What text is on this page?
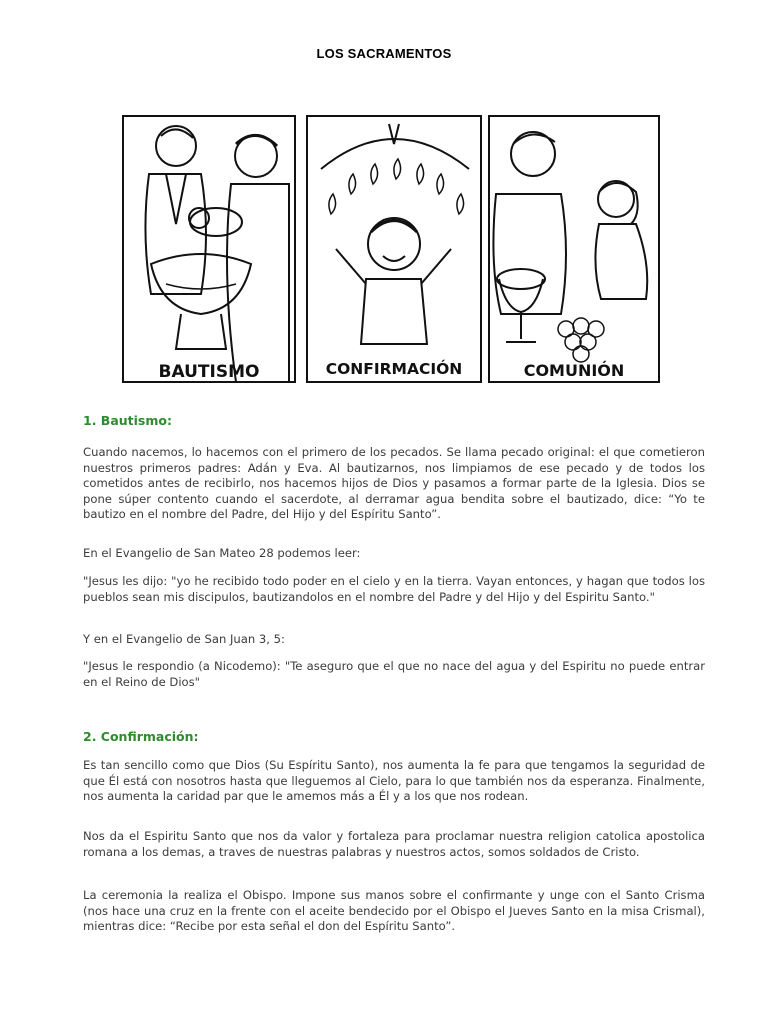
LOS SACRAMENTOS
BAUTISMO	CONFIRMACIÓN	COMUNIÓN
1. Bautismo:

Cuando nacemos, lo hacemos con el primero de los pecados. Se llama pecado original: el que cometieron nuestros primeros padres: Adán y Eva. Al bautizarnos, nos limpiamos de ese pecado y de todos los cometidos antes de recibirlo, nos hacemos hijos de Dios y pasamos a formar parte de la Iglesia. Dios se pone súper contento cuando el sacerdote, al derramar agua bendita sobre el bautizado, dice: “Yo te bautizo en el nombre del Padre, del Hijo y del Espíritu Santo”.

En el Evangelio de San Mateo 28 podemos leer:

"Jesus les dijo: "yo he recibido todo poder en el cielo y en la tierra. Vayan entonces, y hagan que todos los pueblos sean mis discipulos, bautizandolos en el nombre del Padre y del Hijo y del Espiritu Santo."

Y en el Evangelio de San Juan 3, 5:

"Jesus le respondio (a Nicodemo): "Te aseguro que el que no nace del agua y del Espiritu no puede entrar en el Reino de Dios"

2. Confirmación:

Es tan sencillo como que Dios (Su Espíritu Santo), nos aumenta la fe para que tengamos la seguridad de que Él está con nosotros hasta que lleguemos al Cielo, para lo que también nos da esperanza. Finalmente, nos aumenta la caridad par que le amemos más a Él y a los que nos rodean.

Nos da el Espiritu Santo que nos da valor y fortaleza para proclamar nuestra religion catolica apostolica romana a los demas, a traves de nuestras palabras y nuestros actos, somos soldados de Cristo.

La ceremonia la realiza el Obispo. Impone sus manos sobre el confirmante y unge con el Santo Crisma (nos hace una cruz en la frente con el aceite bendecido por el Obispo el Jueves Santo en la misa Crismal), mientras dice: “Recibe por esta señal el don del Espíritu Santo”.
